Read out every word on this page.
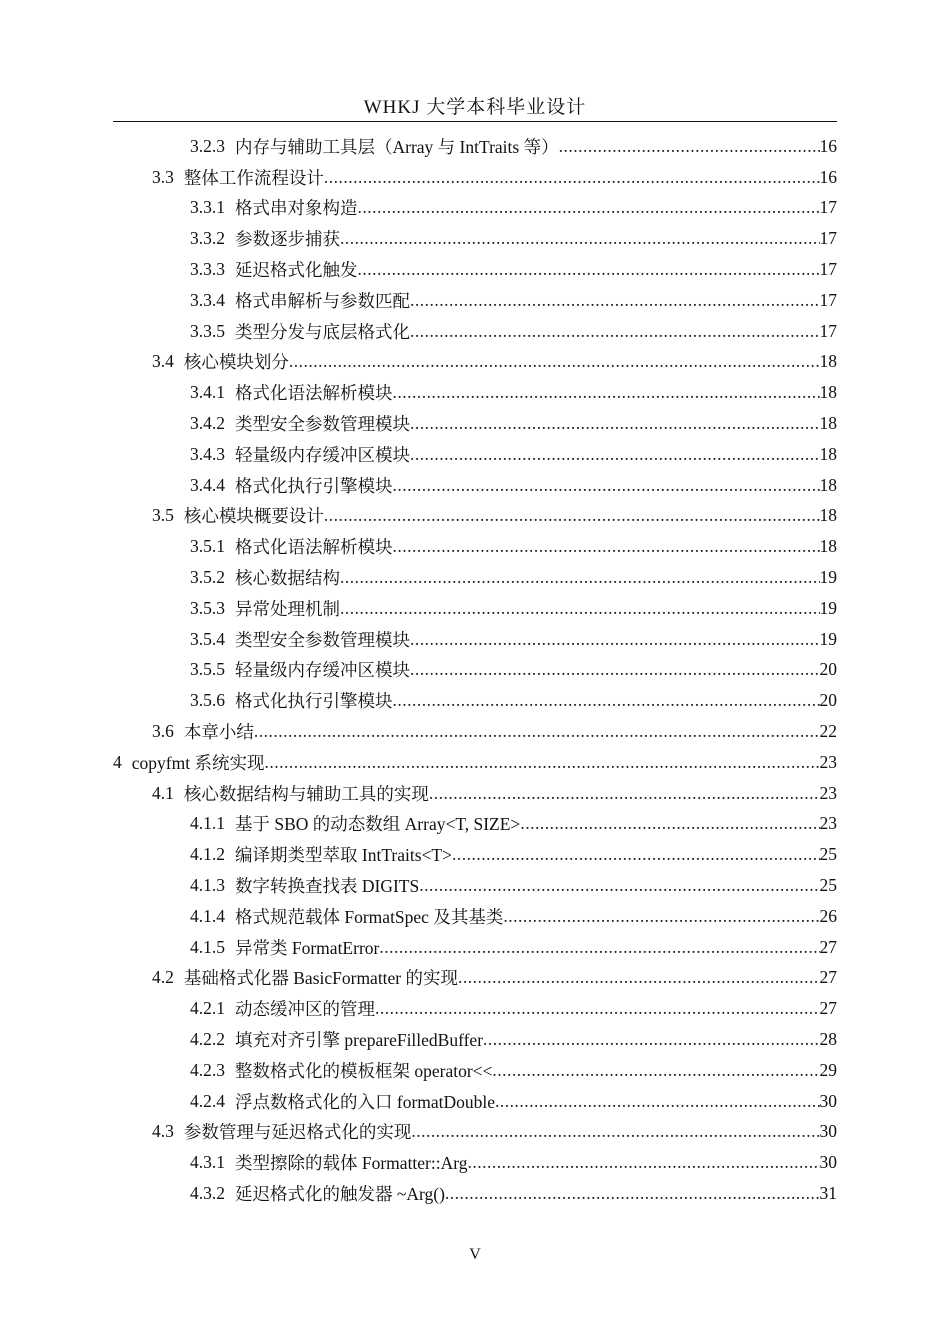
WHKJ 大学本科毕业设计
3.2.3 内存与辅助工具层（Array 与 IntTraits 等） .....	16
3.3 整体工作流程设计 .....	16
3.3.1 格式串对象构造 .....	17
3.3.2 参数逐步捕获 .....	17
3.3.3 延迟格式化触发 .....	17
3.3.4 格式串解析与参数匹配 .....	17
3.3.5 类型分发与底层格式化 .....	17
3.4 核心模块划分 .....	18
3.4.1 格式化语法解析模块 .....	18
3.4.2 类型安全参数管理模块 .....	18
3.4.3 轻量级内存缓冲区模块 .....	18
3.4.4 格式化执行引擎模块 .....	18
3.5 核心模块概要设计 .....	18
3.5.1 格式化语法解析模块 .....	18
3.5.2 核心数据结构 .....	19
3.5.3 异常处理机制 .....	19
3.5.4 类型安全参数管理模块 .....	19
3.5.5 轻量级内存缓冲区模块 .....	20
3.5.6 格式化执行引擎模块 .....	20
3.6 本章小结 .....	22
4 copyfmt 系统实现 .....	23
4.1 核心数据结构与辅助工具的实现 .....	23
4.1.1 基于 SBO 的动态数组 Array<T, SIZE> .....	23
4.1.2 编译期类型萃取 IntTraits<T> .....	25
4.1.3 数字转换查找表 DIGITS .....	25
4.1.4 格式规范载体 FormatSpec 及其基类 .....	26
4.1.5 异常类 FormatError .....	27
4.2 基础格式化器 BasicFormatter 的实现 .....	27
4.2.1 动态缓冲区的管理 .....	27
4.2.2 填充对齐引擎 prepareFilledBuffer .....	28
4.2.3 整数格式化的模板框架 operator<< .....	29
4.2.4 浮点数格式化的入口 formatDouble .....	30
4.3 参数管理与延迟格式化的实现 .....	30
4.3.1 类型擦除的载体 Formatter::Arg .....	30
4.3.2 延迟格式化的触发器 ~Arg() .....	31
V
